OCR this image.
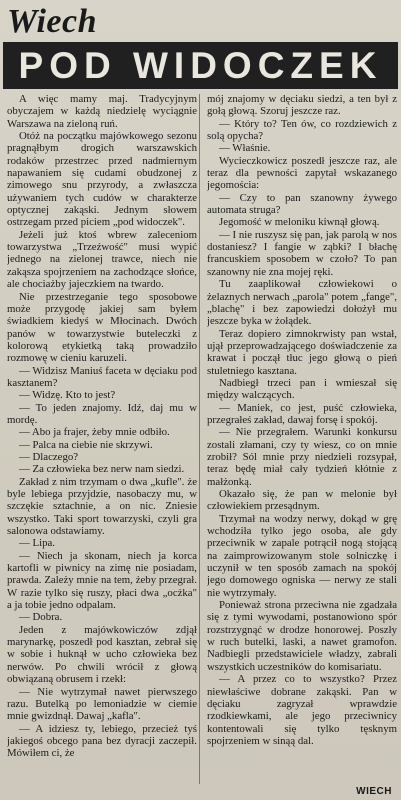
Wiech
POD WIDOCZEK

A więc mamy maj. Tradycyjnym obyczajem w każdą niedzielę wyciągnie Warszawa na zieloną ruń.

Otóż na początku majówkowego sezonu pragnąłbym drogich warszawskich rodaków przestrzec przed nadmiernym napawaniem się cudami obudzonej z zimowego snu przyrody, a zwłaszcza używaniem tych cudów w charakterze optycznej zakąski. Jednym słowem ostrzegam przed piciem „pod widoczek".

Jeżeli już ktoś wbrew zaleceniom towarzystwa „Trzeźwość" musi wypić jednego na zielonej trawce, niech nie zakąsza spojrzeniem na zachodzące słońce, ale chociażby jajeczkiem na twardo.

Nie przestrzeganie tego sposobowe może przygodę jakiej sam byłem świadkiem kiedyś w Młocinach. Dwóch panów w towarzystwie buteleczki z kolorową etykietką taką prowadziło rozmowę w cieniu karuzeli.

— Widzisz Maniuś faceta w dęciaku pod kasztanem?

— Widzę. Kto to jest?

— To jeden znajomy. Idź, daj mu w mordę.

— Abo ja frajer, żeby mnie odbiło.

— Palca na ciebie nie skrzywi.

— Dlaczego?

— Za człowieka bez nerw nam siedzi.

Zakład z nim trzymam o dwa „kufle". że byle lebiega przyjdzie, nasobaczy mu, w szczękie sztachnie, a on nic. Zniesie wszystko. Taki sport towarzyski, czyli gra salonowa odstawiamy.

— Lipa.

— Niech ja skonam, niech ja korca kartofli w piwnicy na zimę nie posiadam, prawda. Zależy mnie na tem, żeby przegrał. W razie tylko się ruszy, płaci dwa „ocżka" a ja tobie jedno odpalam.

— Dobra.

Jeden z majówkowiczów zdjął marynarkę, poszedł pod kasztan, zebrał się w sobie i huknął w ucho człowieka bez nerwów. Po chwili wrócił z głową obwiązaną obrusem i rzekł:

— Nie wytrzymał nawet pierwszego razu. Butelką po lemoniadzie w ciemie mnie gwizdnął. Dawaj „kafla".

— A idziesz ty, lebiego, przecież tyś jakiegoś obcego pana bez dyracji zaczepił. Mówiłem ci, że

mój znajomy w dęciaku siedzi, a ten był z gołą głową. Szoruj jeszcze raz.

— Który to? Ten ów, co rozdziewich z solą opycha?

— Właśnie.

Wycieczkowicz poszedł jeszcze raz, ale teraz dla pewności zapytał wskazanego jegomościa:

— Czy to pan szanowny żywego automata struga?

Jegomość w meloniku kiwnął głową.

— I nie ruszysz się pan, jak parolą w nos dostaniesz? I fangie w ząbki? I błachę francuskiem sposobem w czoło? To pan szanowny nie zna mojej ręki.

Tu zaaplikował człowiekowi o żelaznych nerwach „parola" potem „fange", „blachę" i bez zapowiedzi dołożył mu jeszcze byka w żołądek.

Teraz dopiero zimnokrwisty pan wstał, ujął przeprowadzającego doświadczenie za krawat i począł tłuc jego głową o pień stuletniego kasztana.

Nadbiegł trzeci pan i wmieszał się między walczących.

— Maniek, co jest, puść człowieka, przegrałeś zakład, dawaj forsę i spokój.

— Nie przegrałem. Warunki konkursu zostali złamani, czy ty wiesz, co on mnie zrobił? Sól mnie przy niedzieli rozsypał, teraz będę miał cały tydzień kłótnie z małżonką.

Okazało się, że pan w melonie był człowiekiem przesądnym.

Trzymał na wodzy nerwy, dokąd w grę wchodziła tylko jego osoba, ale gdy przeciwnik w zapale potrącił nogą stojącą na zaimprowizowanym stole solniczkę i uczynił w ten sposób zamach na spokój jego domowego ogniska — nerwy ze stali nie wytrzymały.

Ponieważ strona przeciwna nie zgadzała się z tymi wywodami, postanowiono spór rozstrzygnąć w drodze honorowej. Poszły w ruch butelki, laski, a nawet gramofon. Nadbiegli przedstawiciele władzy, zabrali wszystkich uczestników do komisariatu.

— A przez co to wszystko? Przez niewłaściwe dobrane zakąski. Pan w dęciaku zagryzał wprawdzie rzodkiewkami, ale jego przeciwnicy kontentowali się tylko tęsknym spojrzeniem w sinąą dal.

WIECH
